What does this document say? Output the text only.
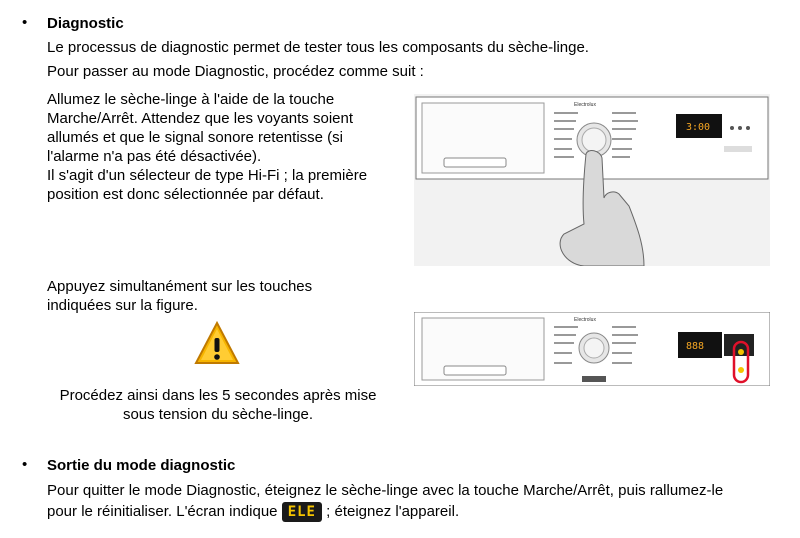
• Diagnostic
Le processus de diagnostic permet de tester tous les composants du sèche-linge.
Pour passer au mode Diagnostic, procédez comme suit :
Allumez le sèche-linge à l'aide de la touche
Marche/Arrêt. Attendez que les voyants soient
allumés et que le signal sonore retentisse (si
l'alarme n'a pas été désactivée).
Il s'agit d'un sélecteur de type Hi-Fi ; la première
position est donc sélectionnée par défaut.
Electrolux
3:00
Appuyez simultanément sur les touches
indiquées sur la figure.
Procédez ainsi dans les 5 secondes après mise
sous tension du sèche-linge.
Electrolux
888
• Sortie du mode diagnostic
Pour quitter le mode Diagnostic, éteignez le sèche-linge avec la touche Marche/Arrêt, puis rallumez-le
pour le réinitialiser. L'écran indique ELE ; éteignez l'appareil.
